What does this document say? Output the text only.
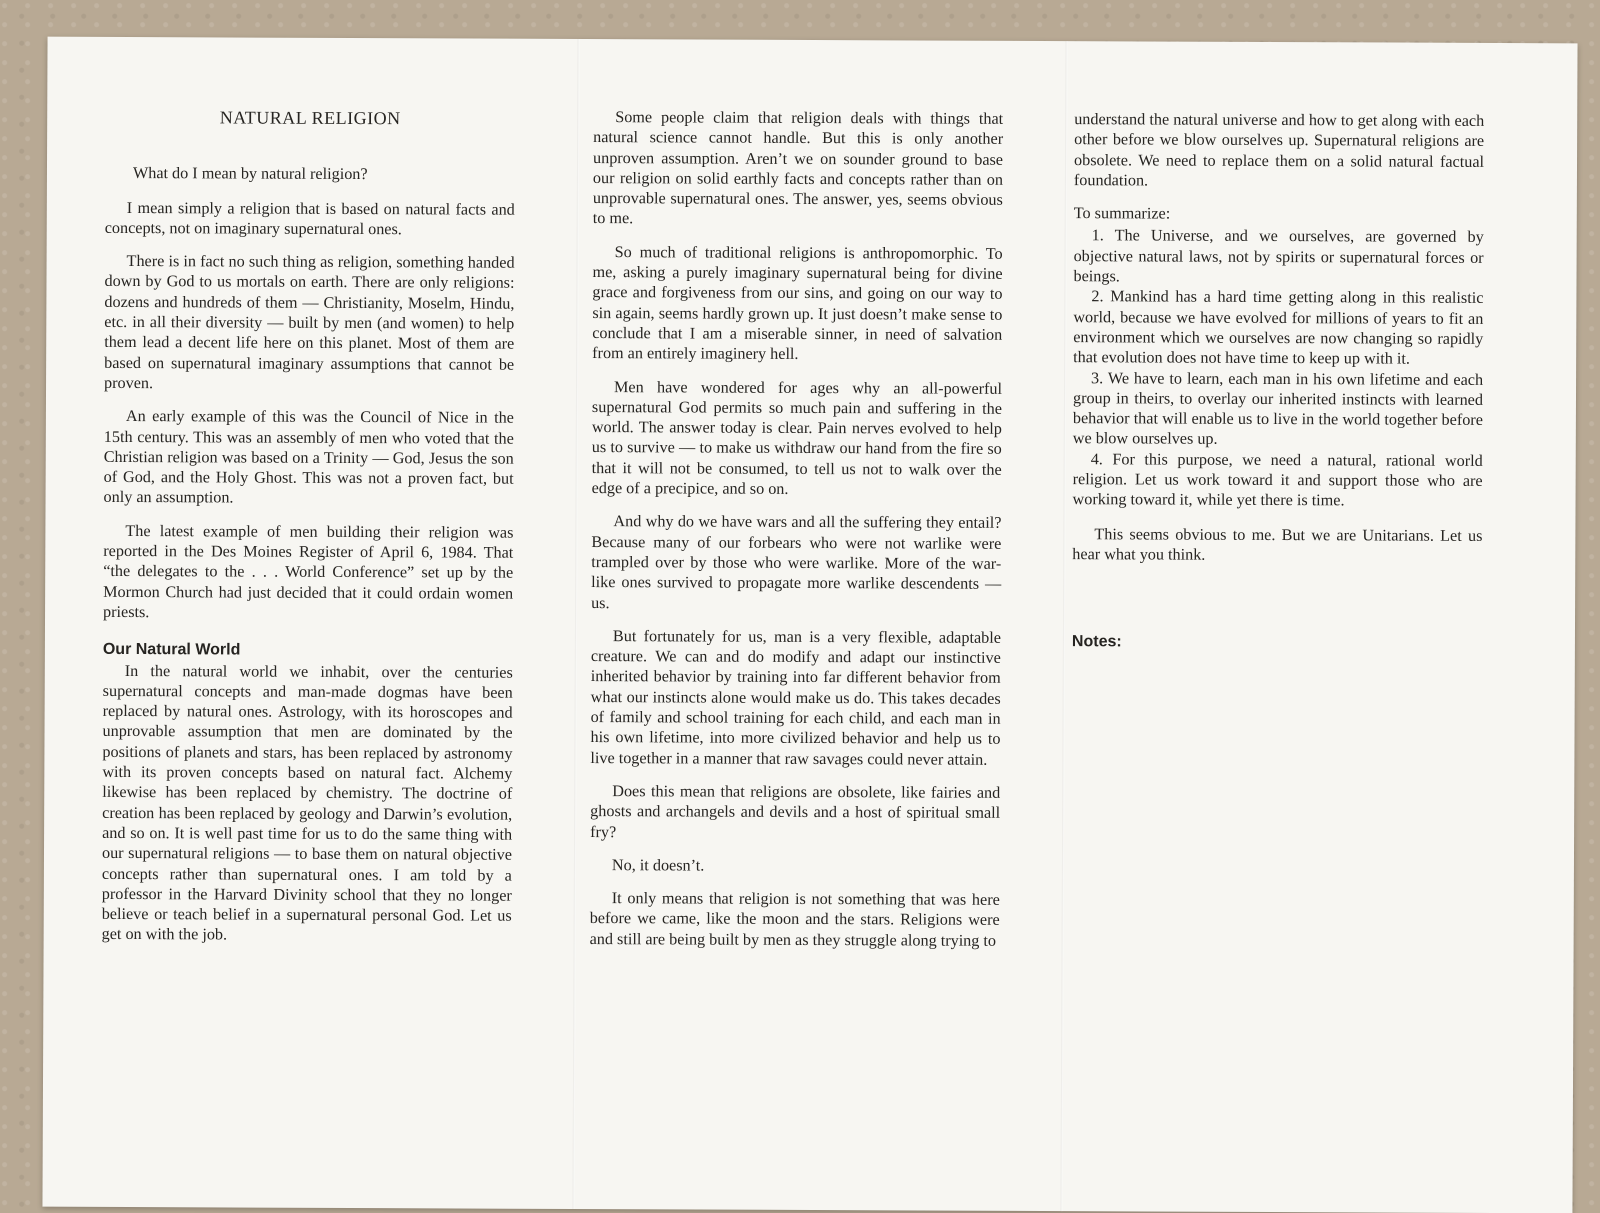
NATURAL RELIGION
What do I mean by natural religion?

I mean simply a religion that is based on natural facts and concepts, not on imaginary supernatural ones.

There is in fact no such thing as religion, something handed down by God to us mortals on earth. There are only religions: dozens and hundreds of them — Christianity, Moselm, Hindu, etc. in all their diversity — built by men (and women) to help them lead a decent life here on this planet. Most of them are based on supernatural imaginary assumptions that cannot be proven.

An early example of this was the Council of Nice in the 15th century. This was an assembly of men who voted that the Christian religion was based on a Trinity — God, Jesus the son of God, and the Holy Ghost. This was not a proven fact, but only an assumption.

The latest example of men building their religion was reported in the Des Moines Register of April 6, 1984. That “the delegates to the . . . World Conference” set up by the Mormon Church had just decided that it could ordain women priests.

Our Natural World

In the natural world we inhabit, over the centuries supernatural concepts and man-made dogmas have been replaced by natural ones. Astrology, with its horoscopes and unprovable assumption that men are dominated by the positions of planets and stars, has been replaced by astronomy with its proven concepts based on natural fact. Alchemy likewise has been replaced by chemistry. The doctrine of creation has been replaced by geology and Darwin’s evolution, and so on. It is well past time for us to do the same thing with our supernatural religions — to base them on natural objective concepts rather than supernatural ones. I am told by a professor in the Harvard Divinity school that they no longer believe or teach belief in a supernatural personal God. Let us get on with the job.

Some people claim that religion deals with things that natural science cannot handle. But this is only another unproven assumption. Aren’t we on sounder ground to base our religion on solid earthly facts and concepts rather than on unprovable supernatural ones. The answer, yes, seems obvious to me.

So much of traditional religions is anthropomorphic. To me, asking a purely imaginary supernatural being for divine grace and forgiveness from our sins, and going on our way to sin again, seems hardly grown up. It just doesn’t make sense to conclude that I am a miserable sinner, in need of salvation from an entirely imaginery hell.

Men have wondered for ages why an all-powerful supernatural God permits so much pain and suffering in the world. The answer today is clear. Pain nerves evolved to help us to survive — to make us withdraw our hand from the fire so that it will not be consumed, to tell us not to walk over the edge of a precipice, and so on.

And why do we have wars and all the suffering they entail? Because many of our forbears who were not warlike were trampled over by those who were warlike. More of the war-like ones survived to propagate more warlike descendents — us.

But fortunately for us, man is a very flexible, adaptable creature. We can and do modify and adapt our instinctive inherited behavior by training into far different behavior from what our instincts alone would make us do. This takes decades of family and school training for each child, and each man in his own lifetime, into more civilized behavior and help us to live together in a manner that raw savages could never attain.

Does this mean that religions are obsolete, like fairies and ghosts and archangels and devils and a host of spiritual small fry?

No, it doesn’t.

It only means that religion is not something that was here before we came, like the moon and the stars. Religions were and still are being built by men as they struggle along trying to

understand the natural universe and how to get along with each other before we blow ourselves up. Supernatural religions are obsolete. We need to replace them on a solid natural factual foundation.

To summarize:
1. The Universe, and we ourselves, are governed by objective natural laws, not by spirits or supernatural forces or beings.
2. Mankind has a hard time getting along in this realistic world, because we have evolved for millions of years to fit an environment which we ourselves are now changing so rapidly that evolution does not have time to keep up with it.
3. We have to learn, each man in his own lifetime and each group in theirs, to overlay our inherited instincts with learned behavior that will enable us to live in the world together before we blow ourselves up.
4. For this purpose, we need a natural, rational world religion. Let us work toward it and support those who are working toward it, while yet there is time.

This seems obvious to me. But we are Unitarians. Let us hear what you think.

Notes:
